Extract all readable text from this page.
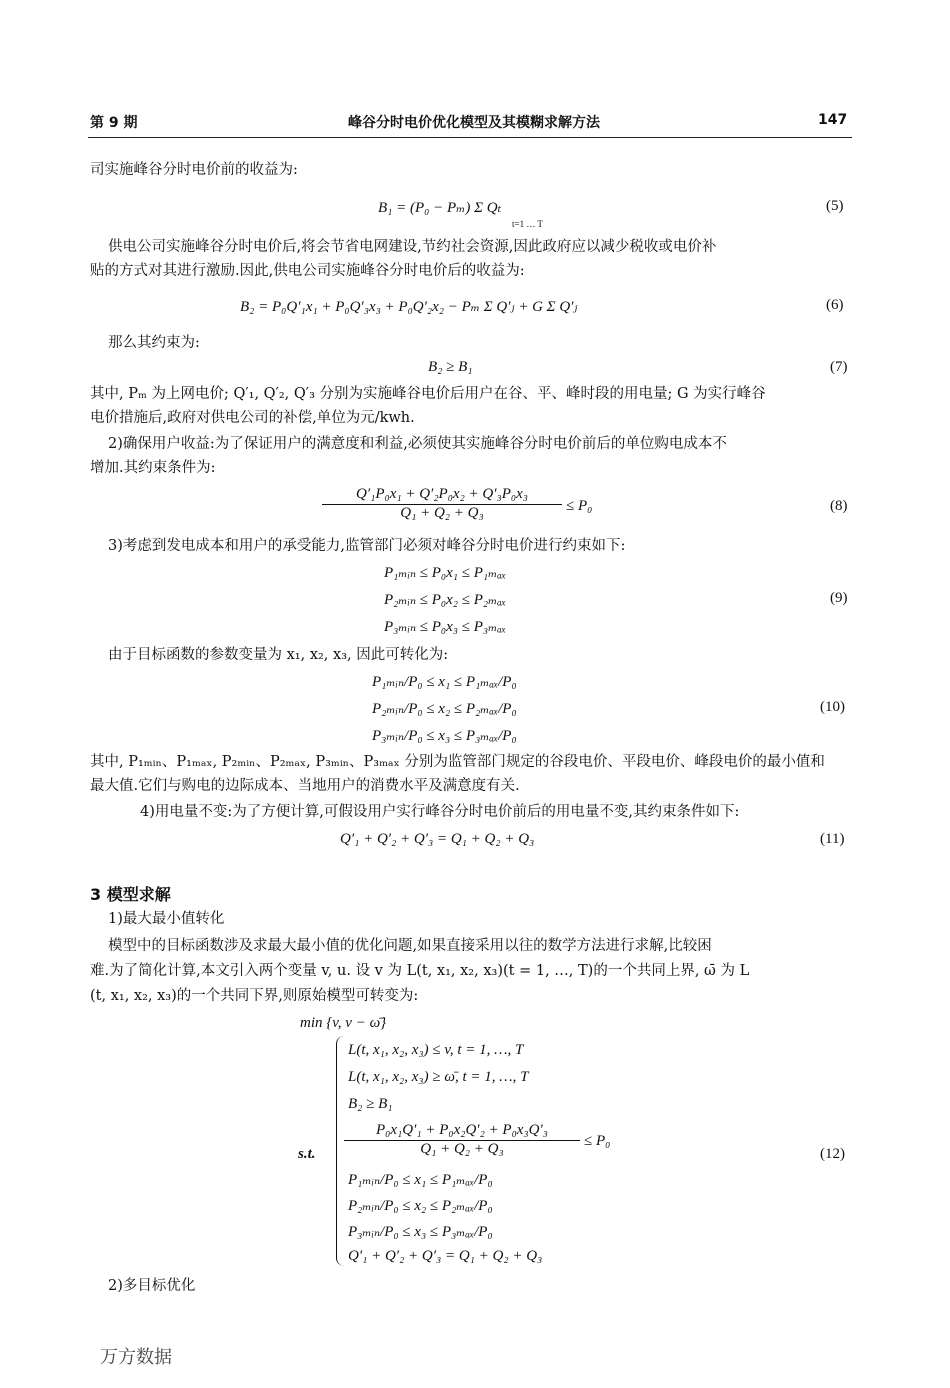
第 9 期	峰谷分时电价优化模型及其模糊求解方法	147
司实施峰谷分时电价前的收益为:
B₁ = (P₀ − Pₘ) Σ Qₜ
t=1 … T
(5)
供电公司实施峰谷分时电价后,将会节省电网建设,节约社会资源,因此政府应以减少税收或电价补
贴的方式对其进行激励.因此,供电公司实施峰谷分时电价后的收益为:
B₂ = P₀Q′₁x₁ + P₀Q′₃x₃ + P₀Q′₂x₂ − Pₘ Σ Q′ⱼ + G Σ Q′ⱼ	(6)
那么其约束为:
B₂ ≥ B₁	(7)
其中, Pₘ 为上网电价; Q′₁, Q′₂, Q′₃ 分别为实施峰谷电价后用户在谷、平、峰时段的用电量; G 为实行峰谷
电价措施后,政府对供电公司的补偿,单位为元/kwh.
2)确保用户收益:为了保证用户的满意度和利益,必须使其实施峰谷分时电价前后的单位购电成本不
增加.其约束条件为:
$\frac{\text{Q′₁P₀x₁ + Q′₂P₀x₂ + Q′₃P₀x₃}}{\text{Q₁ + Q₂ + Q₃}} \le P_0$	(8)
3)考虑到发电成本和用户的承受能力,监管部门必须对峰谷分时电价进行约束如下:
P₁ₘᵢₙ ≤ P₀x₁ ≤ P₁ₘₐₓ
P₂ₘᵢₙ ≤ P₀x₂ ≤ P₂ₘₐₓ
P₃ₘᵢₙ ≤ P₀x₃ ≤ P₃ₘₐₓ
(9)
由于目标函数的参数变量为 x₁, x₂, x₃, 因此可转化为:
P₁ₘᵢₙ/P₀ ≤ x₁ ≤ P₁ₘₐₓ/P₀
P₂ₘᵢₙ/P₀ ≤ x₂ ≤ P₂ₘₐₓ/P₀
P₃ₘᵢₙ/P₀ ≤ x₃ ≤ P₃ₘₐₓ/P₀
(10)
其中, P₁ₘᵢₙ、P₁ₘₐₓ, P₂ₘᵢₙ、P₂ₘₐₓ, P₃ₘᵢₙ、P₃ₘₐₓ 分别为监管部门规定的谷段电价、平段电价、峰段电价的最小值和
最大值.它们与购电的边际成本、当地用户的消费水平及满意度有关.
4)用电量不变:为了方便计算,可假设用户实行峰谷分时电价前后的用电量不变,其约束条件如下:
Q′₁ + Q′₂ + Q′₃ = Q₁ + Q₂ + Q₃	(11)
3 模型求解
1)最大最小值转化
模型中的目标函数涉及求最大最小值的优化问题,如果直接采用以往的数学方法进行求解,比较困
难.为了简化计算,本文引入两个变量 v, u. 设 v 为 L(t, x₁, x₂, x₃)(t = 1, …, T)的一个共同上界, ω̄ 为 L
(t, x₁, x₂, x₃)的一个共同下界,则原始模型可转变为:
min {v, v − ω̄}
s.t.
L(t, x₁, x₂, x₃) ≤ v, t = 1, …, T
L(t, x₁, x₂, x₃) ≥ ω̄, t = 1, …, T
B₂ ≥ B₁
$\frac{\text{P₀x₁Q′₁ + P₀x₂Q′₂ + P₀x₃Q′₃}}{\text{Q₁ + Q₂ + Q₃}} \le P_0$
P₁ₘᵢₙ/P₀ ≤ x₁ ≤ P₁ₘₐₓ/P₀
P₂ₘᵢₙ/P₀ ≤ x₂ ≤ P₂ₘₐₓ/P₀
P₃ₘᵢₙ/P₀ ≤ x₃ ≤ P₃ₘₐₓ/P₀
Q′₁ + Q′₂ + Q′₃ = Q₁ + Q₂ + Q₃
(12)
2)多目标优化
万方数据
